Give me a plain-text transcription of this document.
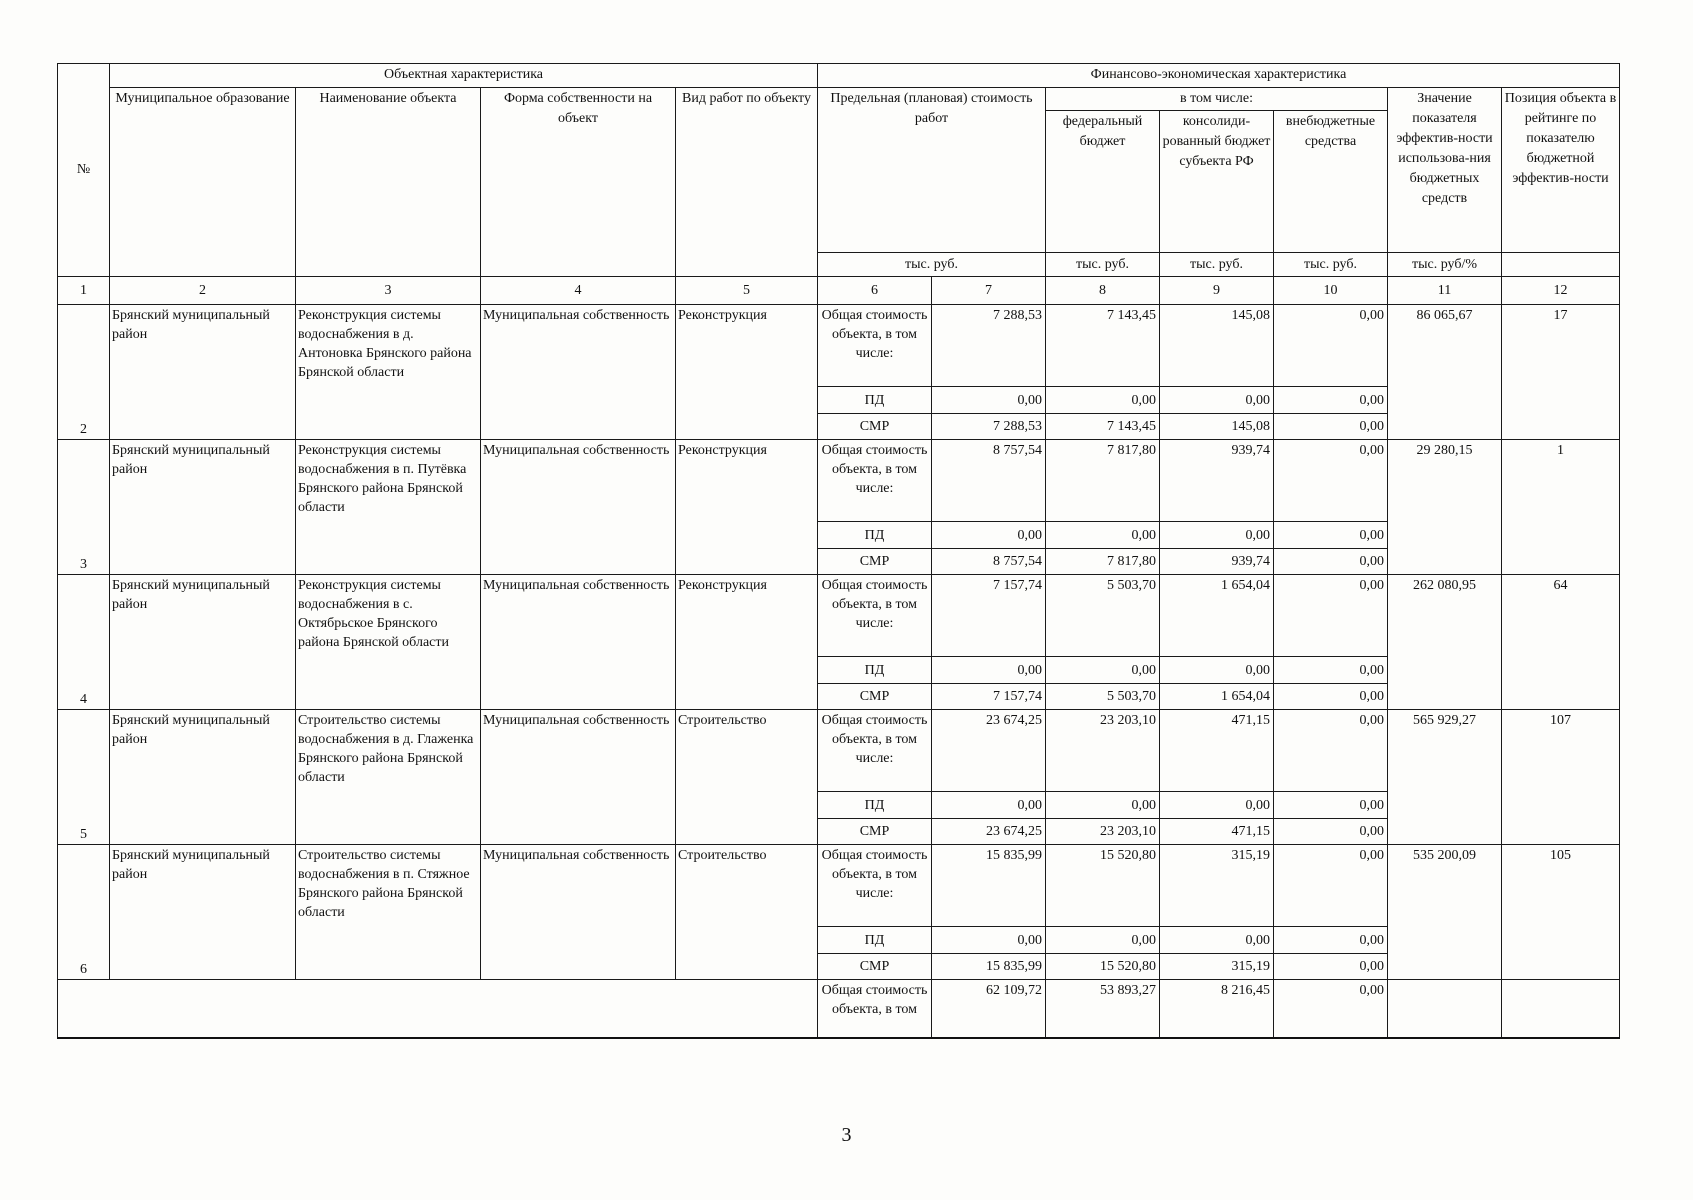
№	Объектная характеристика				Финансово-экономическая характеристика						
	Муниципальное образование	Наименование объекта	Форма собственности на объект	Вид работ по объекту	Предельная (плановая) стоимость работ		в том числе:			Значение показателя эффектив-ности использова-ния бюджетных средств	Позиция объекта в рейтинге по показателю бюджетной эффектив-ности
							федеральный бюджет	консолиди-рованный бюджет субъекта РФ	внебюджетные средства		
					тыс. руб.		тыс. руб.	тыс. руб.	тыс. руб.	тыс. руб/%	
1	2	3	4	5	6	7	8	9	10	11	12
2	Брянский муниципальный район	Реконструкция системы водоснабжения в д. Антоновка Брянского района Брянской области	Муниципальная собственность	Реконструкция	Общая стоимость объекта, в том числе:	7 288,53	7 143,45	145,08	0,00	86 065,67	17
					ПД	0,00	0,00	0,00	0,00		
					СМР	7 288,53	7 143,45	145,08	0,00		
3	Брянский муниципальный район	Реконструкция системы водоснабжения в п. Путёвка Брянского района Брянской области	Муниципальная собственность	Реконструкция	Общая стоимость объекта, в том числе:	8 757,54	7 817,80	939,74	0,00	29 280,15	1
					ПД	0,00	0,00	0,00	0,00		
					СМР	8 757,54	7 817,80	939,74	0,00		
4	Брянский муниципальный район	Реконструкция системы водоснабжения в с. Октябрьское Брянского района Брянской области	Муниципальная собственность	Реконструкция	Общая стоимость объекта, в том числе:	7 157,74	5 503,70	1 654,04	0,00	262 080,95	64
					ПД	0,00	0,00	0,00	0,00		
					СМР	7 157,74	5 503,70	1 654,04	0,00		
5	Брянский муниципальный район	Строительство системы водоснабжения в д. Глаженка Брянского района Брянской области	Муниципальная собственность	Строительство	Общая стоимость объекта, в том числе:	23 674,25	23 203,10	471,15	0,00	565 929,27	107
					ПД	0,00	0,00	0,00	0,00		
					СМР	23 674,25	23 203,10	471,15	0,00		
6	Брянский муниципальный район	Строительство системы водоснабжения в п. Стяжное Брянского района Брянской области	Муниципальная собственность	Строительство	Общая стоимость объекта, в том числе:	15 835,99	15 520,80	315,19	0,00	535 200,09	105
					ПД	0,00	0,00	0,00	0,00		
					СМР	15 835,99	15 520,80	315,19	0,00		
					Общая стоимость объекта, в том	62 109,72	53 893,27	8 216,45	0,00		
3
